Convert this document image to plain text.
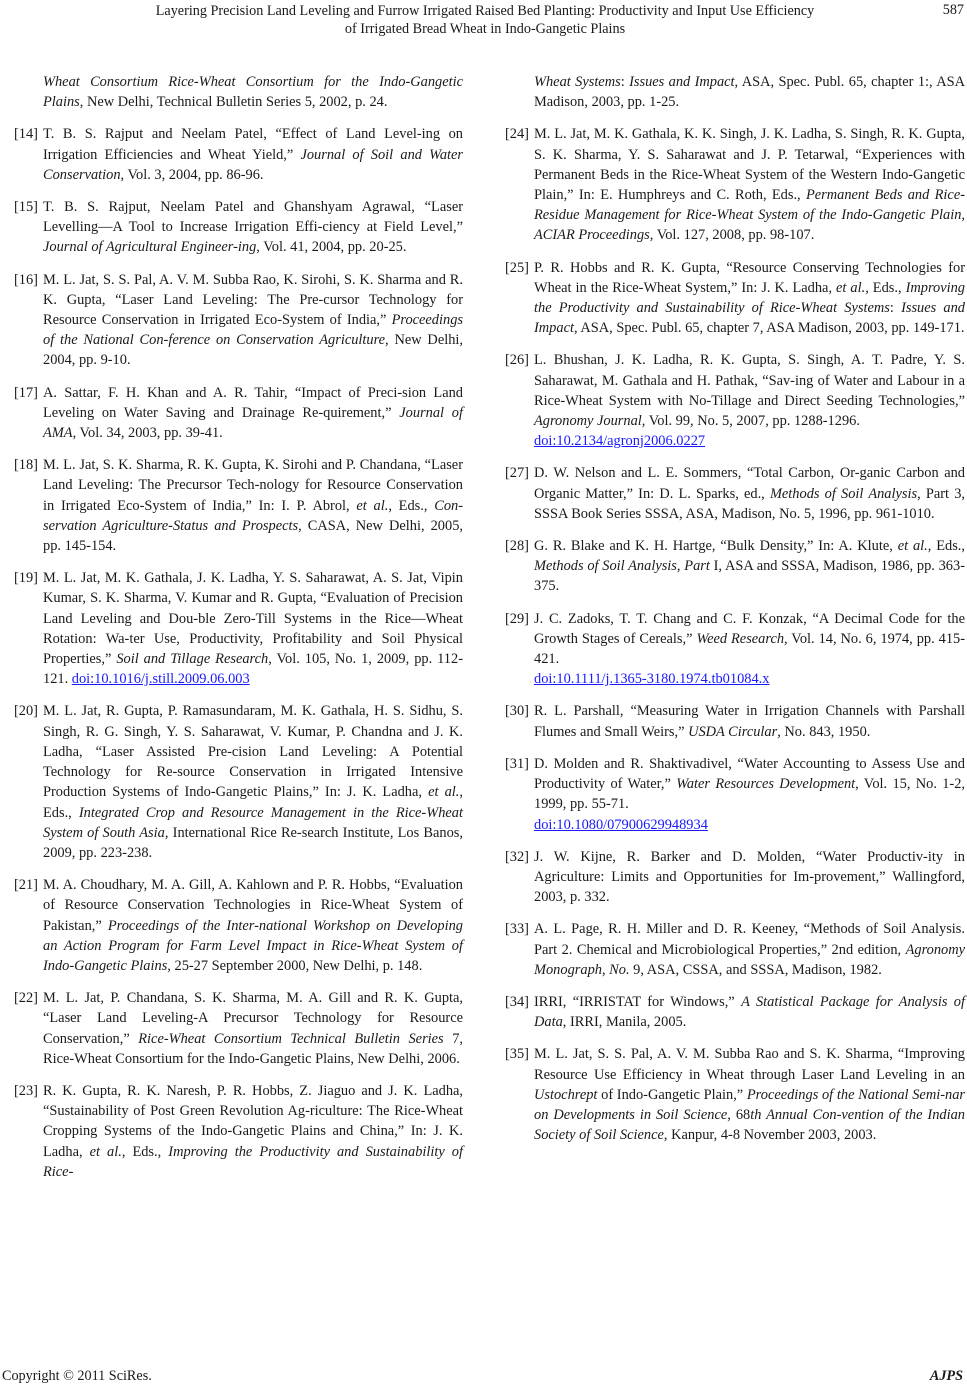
Layering Precision Land Leveling and Furrow Irrigated Raised Bed Planting: Productivity and Input Use Efficiency
of Irrigated Bread Wheat in Indo-Gangetic Plains
587
Wheat Consortium Rice-Wheat Consortium for the Indo-Gangetic Plains, New Delhi, Technical Bulletin Series 5, 2002, p. 24.
[14] T. B. S. Rajput and Neelam Patel, “Effect of Land Level-ing on Irrigation Efficiencies and Wheat Yield,” Journal of Soil and Water Conservation, Vol. 3, 2004, pp. 86-96.
[15] T. B. S. Rajput, Neelam Patel and Ghanshyam Agrawal, “Laser Levelling―A Tool to Increase Irrigation Effi-ciency at Field Level,” Journal of Agricultural Engineer-ing, Vol. 41, 2004, pp. 20-25.
[16] M. L. Jat, S. S. Pal, A. V. M. Subba Rao, K. Sirohi, S. K. Sharma and R. K. Gupta, “Laser Land Leveling: The Pre-cursor Technology for Resource Conservation in Irrigated Eco-System of India,” Proceedings of the National Con-ference on Conservation Agriculture, New Delhi, 2004, pp. 9-10.
[17] A. Sattar, F. H. Khan and A. R. Tahir, “Impact of Preci-sion Land Leveling on Water Saving and Drainage Re-quirement,” Journal of AMA, Vol. 34, 2003, pp. 39-41.
[18] M. L. Jat, S. K. Sharma, R. K. Gupta, K. Sirohi and P. Chandana, “Laser Land Leveling: The Precursor Tech-nology for Resource Conservation in Irrigated Eco-System of India,” In: I. P. Abrol, et al., Eds., Con-servation Agriculture-Status and Prospects, CASA, New Delhi, 2005, pp. 145-154.
[19] M. L. Jat, M. K. Gathala, J. K. Ladha, Y. S. Saharawat, A. S. Jat, Vipin Kumar, S. K. Sharma, V. Kumar and R. Gupta, “Evaluation of Precision Land Leveling and Dou-ble Zero-Till Systems in the Rice―Wheat Rotation: Wa-ter Use, Productivity, Profitability and Soil Physical Properties,” Soil and Tillage Research, Vol. 105, No. 1, 2009, pp. 112-121. doi:10.1016/j.still.2009.06.003
[20] M. L. Jat, R. Gupta, P. Ramasundaram, M. K. Gathala, H. S. Sidhu, S. Singh, R. G. Singh, Y. S. Saharawat, V. Kumar, P. Chandna and J. K. Ladha, “Laser Assisted Pre-cision Land Leveling: A Potential Technology for Re-source Conservation in Irrigated Intensive Production Systems of Indo-Gangetic Plains,” In: J. K. Ladha, et al., Eds., Integrated Crop and Resource Management in the Rice-Wheat System of South Asia, International Rice Re-search Institute, Los Banos, 2009, pp. 223-238.
[21] M. A. Choudhary, M. A. Gill, A. Kahlown and P. R. Hobbs, “Evaluation of Resource Conservation Technologies in Rice-Wheat System of Pakistan,” Proceedings of the Inter-national Workshop on Developing an Action Program for Farm Level Impact in Rice-Wheat System of Indo-Gangetic Plains, 25-27 September 2000, New Delhi, p. 148.
[22] M. L. Jat, P. Chandana, S. K. Sharma, M. A. Gill and R. K. Gupta, “Laser Land Leveling-A Precursor Technology for Resource Conservation,” Rice-Wheat Consortium Technical Bulletin Series 7, Rice-Wheat Consortium for the Indo-Gangetic Plains, New Delhi, 2006.
[23] R. K. Gupta, R. K. Naresh, P. R. Hobbs, Z. Jiaguo and J. K. Ladha, “Sustainability of Post Green Revolution Ag-riculture: The Rice-Wheat Cropping Systems of the Indo-Gangetic Plains and China,” In: J. K. Ladha, et al., Eds., Improving the Productivity and Sustainability of Rice-
Wheat Systems: Issues and Impact, ASA, Spec. Publ. 65, chapter 1:, ASA Madison, 2003, pp. 1-25.
[24] M. L. Jat, M. K. Gathala, K. K. Singh, J. K. Ladha, S. Singh, R. K. Gupta, S. K. Sharma, Y. S. Saharawat and J. P. Tetarwal, “Experiences with Permanent Beds in the Rice-Wheat System of the Western Indo-Gangetic Plain,” In: E. Humphreys and C. Roth, Eds., Permanent Beds and Rice-Residue Management for Rice-Wheat System of the Indo-Gangetic Plain, ACIAR Proceedings, Vol. 127, 2008, pp. 98-107.
[25] P. R. Hobbs and R. K. Gupta, “Resource Conserving Technologies for Wheat in the Rice-Wheat System,” In: J. K. Ladha, et al., Eds., Improving the Productivity and Sustainability of Rice-Wheat Systems: Issues and Impact, ASA, Spec. Publ. 65, chapter 7, ASA Madison, 2003, pp. 149-171.
[26] L. Bhushan, J. K. Ladha, R. K. Gupta, S. Singh, A. T. Padre, Y. S. Saharawat, M. Gathala and H. Pathak, “Sav-ing of Water and Labour in a Rice-Wheat System with No-Tillage and Direct Seeding Technologies,” Agronomy Journal, Vol. 99, No. 5, 2007, pp. 1288-1296.
doi:10.2134/agronj2006.0227
[27] D. W. Nelson and L. E. Sommers, “Total Carbon, Or-ganic Carbon and Organic Matter,” In: D. L. Sparks, ed., Methods of Soil Analysis, Part 3, SSSA Book Series SSSA, ASA, Madison, No. 5, 1996, pp. 961-1010.
[28] G. R. Blake and K. H. Hartge, “Bulk Density,” In: A. Klute, et al., Eds., Methods of Soil Analysis, Part I, ASA and SSSA, Madison, 1986, pp. 363-375.
[29] J. C. Zadoks, T. T. Chang and C. F. Konzak, “A Decimal Code for the Growth Stages of Cereals,” Weed Research, Vol. 14, No. 6, 1974, pp. 415-421.
doi:10.1111/j.1365-3180.1974.tb01084.x
[30] R. L. Parshall, “Measuring Water in Irrigation Channels with Parshall Flumes and Small Weirs,” USDA Circular, No. 843, 1950.
[31] D. Molden and R. Shaktivadivel, “Water Accounting to Assess Use and Productivity of Water,” Water Resources Development, Vol. 15, No. 1-2, 1999, pp. 55-71.
doi:10.1080/07900629948934
[32] J. W. Kijne, R. Barker and D. Molden, “Water Productiv-ity in Agriculture: Limits and Opportunities for Im-provement,” Wallingford, 2003, p. 332.
[33] A. L. Page, R. H. Miller and D. R. Keeney, “Methods of Soil Analysis. Part 2. Chemical and Microbiological Properties,” 2nd edition, Agronomy Monograph, No. 9, ASA, CSSA, and SSSA, Madison, 1982.
[34] IRRI, “IRRISTAT for Windows,” A Statistical Package for Analysis of Data, IRRI, Manila, 2005.
[35] M. L. Jat, S. S. Pal, A. V. M. Subba Rao and S. K. Sharma, “Improving Resource Use Efficiency in Wheat through Laser Land Leveling in an Ustochrept of Indo-Gangetic Plain,” Proceedings of the National Semi-nar on Developments in Soil Science, 68th Annual Con-vention of the Indian Society of Soil Science, Kanpur, 4-8 November 2003, 2003.
Copyright © 2011 SciRes.	AJPS
